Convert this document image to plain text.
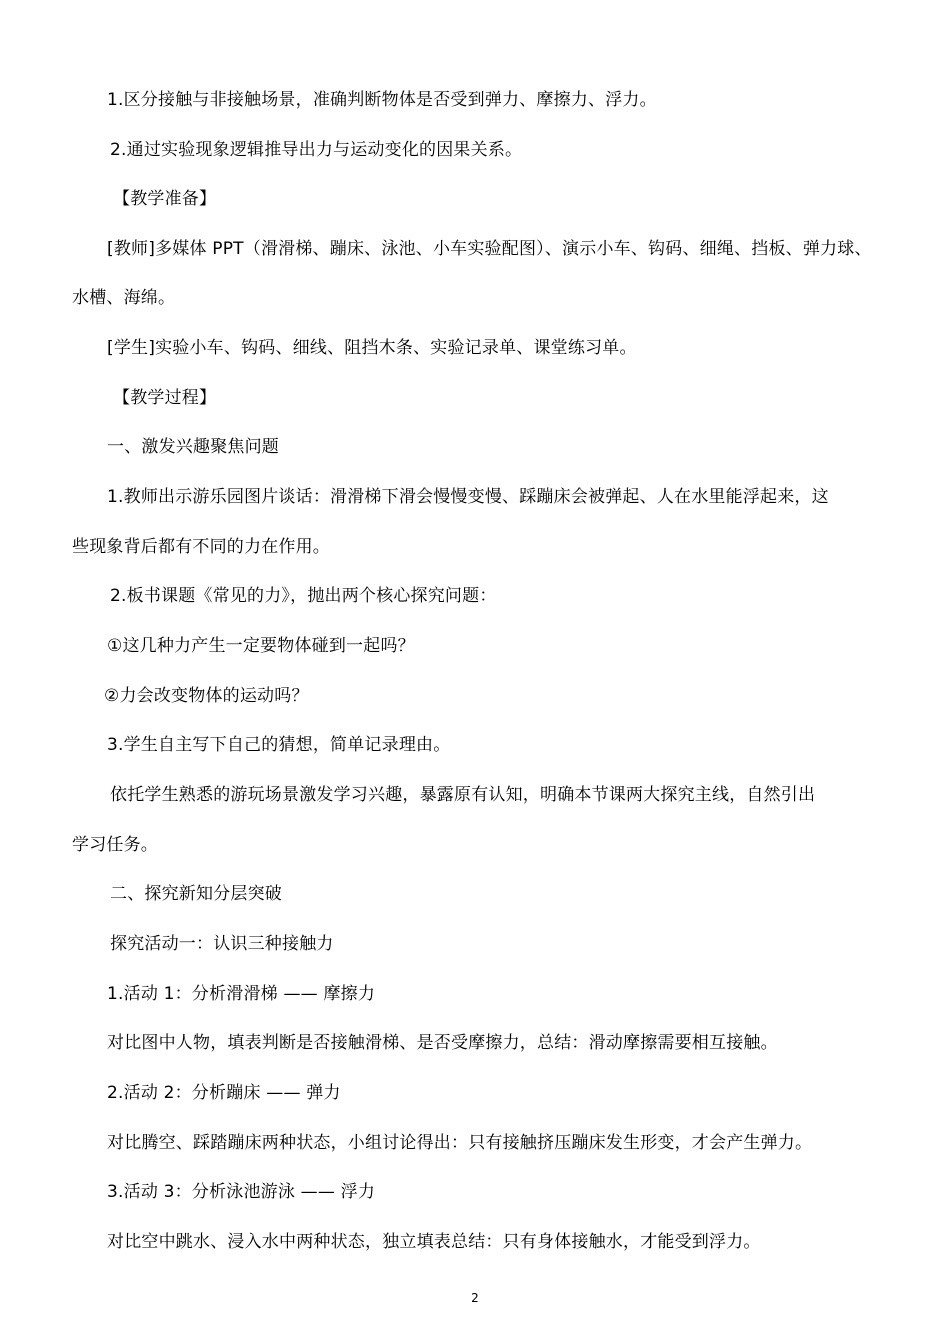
1.区分接触与非接触场景，准确判断物体是否受到弹力、摩擦力、浮力。
2.通过实验现象逻辑推导出力与运动变化的因果关系。
【教学准备】
[教师]多媒体 PPT（滑滑梯、蹦床、泳池、小车实验配图）、演示小车、钩码、细绳、挡板、弹力球、
水槽、海绵。
[学生]实验小车、钩码、细线、阻挡木条、实验记录单、课堂练习单。
【教学过程】
一、激发兴趣聚焦问题
1.教师出示游乐园图片谈话：滑滑梯下滑会慢慢变慢、踩蹦床会被弹起、人在水里能浮起来，这
些现象背后都有不同的力在作用。
2.板书课题《常见的力》，抛出两个核心探究问题：
①这几种力产生一定要物体碰到一起吗？
②力会改变物体的运动吗？
3.学生自主写下自己的猜想，简单记录理由。
依托学生熟悉的游玩场景激发学习兴趣，暴露原有认知，明确本节课两大探究主线，自然引出
学习任务。
二、探究新知分层突破
探究活动一：认识三种接触力
1.活动 1：分析滑滑梯 —— 摩擦力
对比图中人物，填表判断是否接触滑梯、是否受摩擦力，总结：滑动摩擦需要相互接触。
2.活动 2：分析蹦床 —— 弹力
对比腾空、踩踏蹦床两种状态，小组讨论得出：只有接触挤压蹦床发生形变，才会产生弹力。
3.活动 3：分析泳池游泳 —— 浮力
对比空中跳水、浸入水中两种状态，独立填表总结：只有身体接触水，才能受到浮力。
2
